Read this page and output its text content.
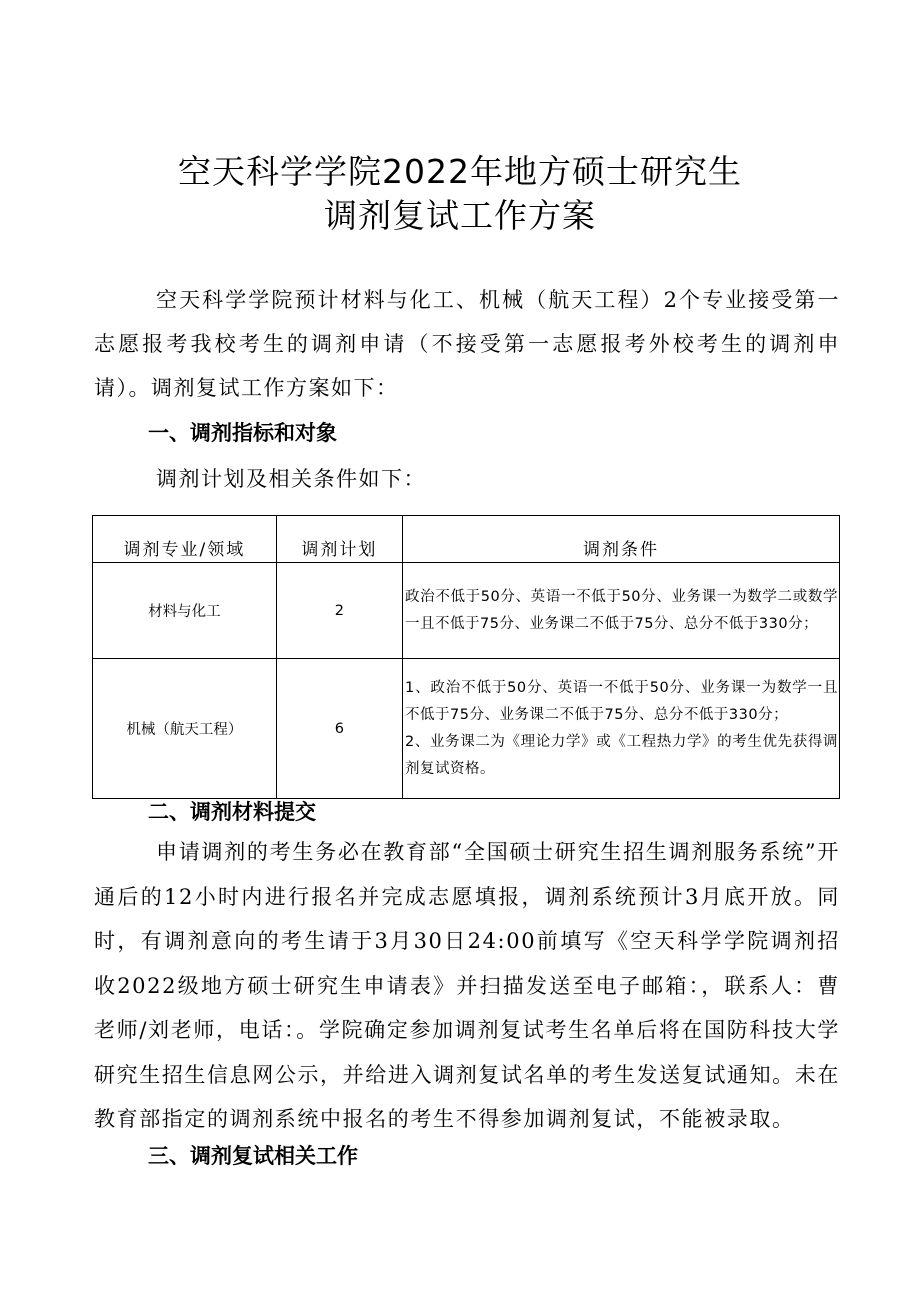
空天科学学院2022年地方硕士研究生
调剂复试工作方案

空天科学学院预计材料与化工、机械（航天工程）2个专业接受第一志愿报考我校考生的调剂申请（不接受第一志愿报考外校考生的调剂申请）。调剂复试工作方案如下：

一、调剂指标和对象

调剂计划及相关条件如下：

调剂专业/领域	调剂计划	调剂条件
材料与化工	2	政治不低于50分、英语一不低于50分、业务课一为数学二或数学一且不低于75分、业务课二不低于75分、总分不低于330分；

机械（航天工程）	6	1、政治不低于50分、英语一不低于50分、业务课一为数学一且不低于75分、业务课二不低于75分、总分不低于330分；
2、业务课二为《理论力学》或《工程热力学》的考生优先获得调剂复试资格。
二、调剂材料提交

申请调剂的考生务必在教育部“全国硕士研究生招生调剂服务系统”开通后的12小时内进行报名并完成志愿填报，调剂系统预计3月底开放。同时，有调剂意向的考生请于3月30日24:00前填写《空天科学学院调剂招收2022级地方硕士研究生申请表》并扫描发送至电子邮箱：，联系人：曹老师/刘老师，电话：。学院确定参加调剂复试考生名单后将在国防科技大学研究生招生信息网公示，并给进入调剂复试名单的考生发送复试通知。未在教育部指定的调剂系统中报名的考生不得参加调剂复试，不能被录取。

三、调剂复试相关工作
